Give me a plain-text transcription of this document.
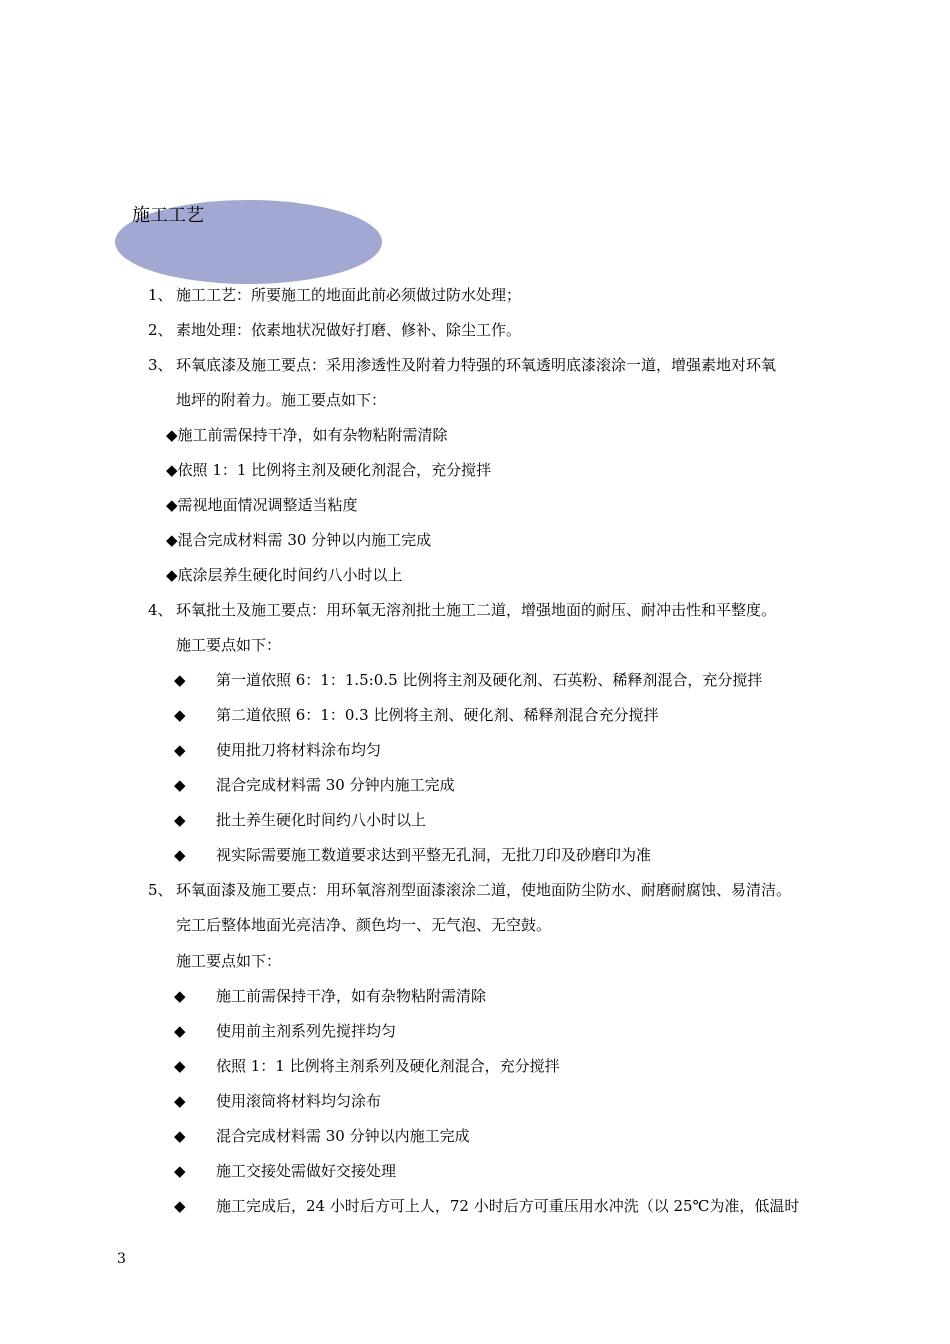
施工工艺
1、 施工工艺：所要施工的地面此前必须做过防水处理；
2、 素地处理：依素地状况做好打磨、修补、除尘工作。
3、 环氧底漆及施工要点：采用渗透性及附着力特强的环氧透明底漆滚涂一道，增强素地对环氧
地坪的附着力。施工要点如下：
◆施工前需保持干净，如有杂物粘附需清除
◆依照 1：1 比例将主剂及硬化剂混合，充分搅拌
◆需视地面情况调整适当粘度
◆混合完成材料需 30 分钟以内施工完成
◆底涂层养生硬化时间约八小时以上
4、 环氧批土及施工要点：用环氧无溶剂批土施工二道，增强地面的耐压、耐冲击性和平整度。
施工要点如下：
◆ 第一道依照 6：1：1.5:0.5 比例将主剂及硬化剂、石英粉、稀释剂混合，充分搅拌
◆ 第二道依照 6：1：0.3 比例将主剂、硬化剂、稀释剂混合充分搅拌
◆ 使用批刀将材料涂布均匀
◆ 混合完成材料需 30 分钟内施工完成
◆ 批土养生硬化时间约八小时以上
◆ 视实际需要施工数道要求达到平整无孔洞，无批刀印及砂磨印为准
5、 环氧面漆及施工要点：用环氧溶剂型面漆滚涂二道，使地面防尘防水、耐磨耐腐蚀、易清洁。
完工后整体地面光亮洁净、颜色均一、无气泡、无空鼓。
施工要点如下：
◆ 施工前需保持干净，如有杂物粘附需清除
◆ 使用前主剂系列先搅拌均匀
◆ 依照 1：1 比例将主剂系列及硬化剂混合，充分搅拌
◆ 使用滚筒将材料均匀涂布
◆ 混合完成材料需 30 分钟以内施工完成
◆ 施工交接处需做好交接处理
◆ 施工完成后，24 小时后方可上人，72 小时后方可重压用水冲洗（以 25℃为准，低温时
3
